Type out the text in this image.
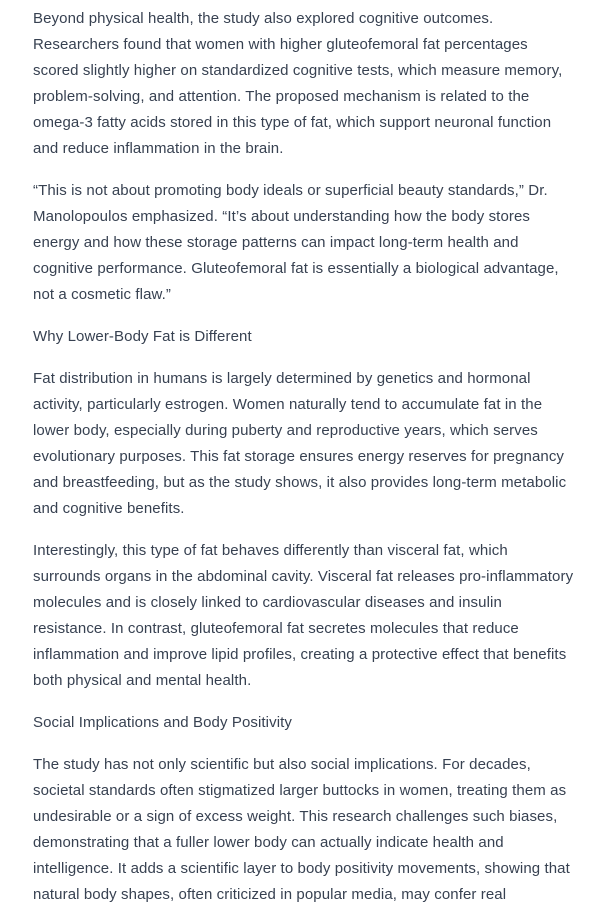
Beyond physical health, the study also explored cognitive outcomes.
Researchers found that women with higher gluteofemoral fat percentages
scored slightly higher on standardized cognitive tests, which measure memory,
problem-solving, and attention. The proposed mechanism is related to the
omega-3 fatty acids stored in this type of fat, which support neuronal function
and reduce inflammation in the brain.

“This is not about promoting body ideals or superficial beauty standards,” Dr.
Manolopoulos emphasized. “It’s about understanding how the body stores
energy and how these storage patterns can impact long-term health and
cognitive performance. Gluteofemoral fat is essentially a biological advantage,
not a cosmetic flaw.”

Why Lower-Body Fat is Different

Fat distribution in humans is largely determined by genetics and hormonal
activity, particularly estrogen. Women naturally tend to accumulate fat in the
lower body, especially during puberty and reproductive years, which serves
evolutionary purposes. This fat storage ensures energy reserves for pregnancy
and breastfeeding, but as the study shows, it also provides long-term metabolic
and cognitive benefits.

Interestingly, this type of fat behaves differently than visceral fat, which
surrounds organs in the abdominal cavity. Visceral fat releases pro-inflammatory
molecules and is closely linked to cardiovascular diseases and insulin
resistance. In contrast, gluteofemoral fat secretes molecules that reduce
inflammation and improve lipid profiles, creating a protective effect that benefits
both physical and mental health.

Social Implications and Body Positivity

The study has not only scientific but also social implications. For decades,
societal standards often stigmatized larger buttocks in women, treating them as
undesirable or a sign of excess weight. This research challenges such biases,
demonstrating that a fuller lower body can actually indicate health and
intelligence. It adds a scientific layer to body positivity movements, showing that
natural body shapes, often criticized in popular media, may confer real
